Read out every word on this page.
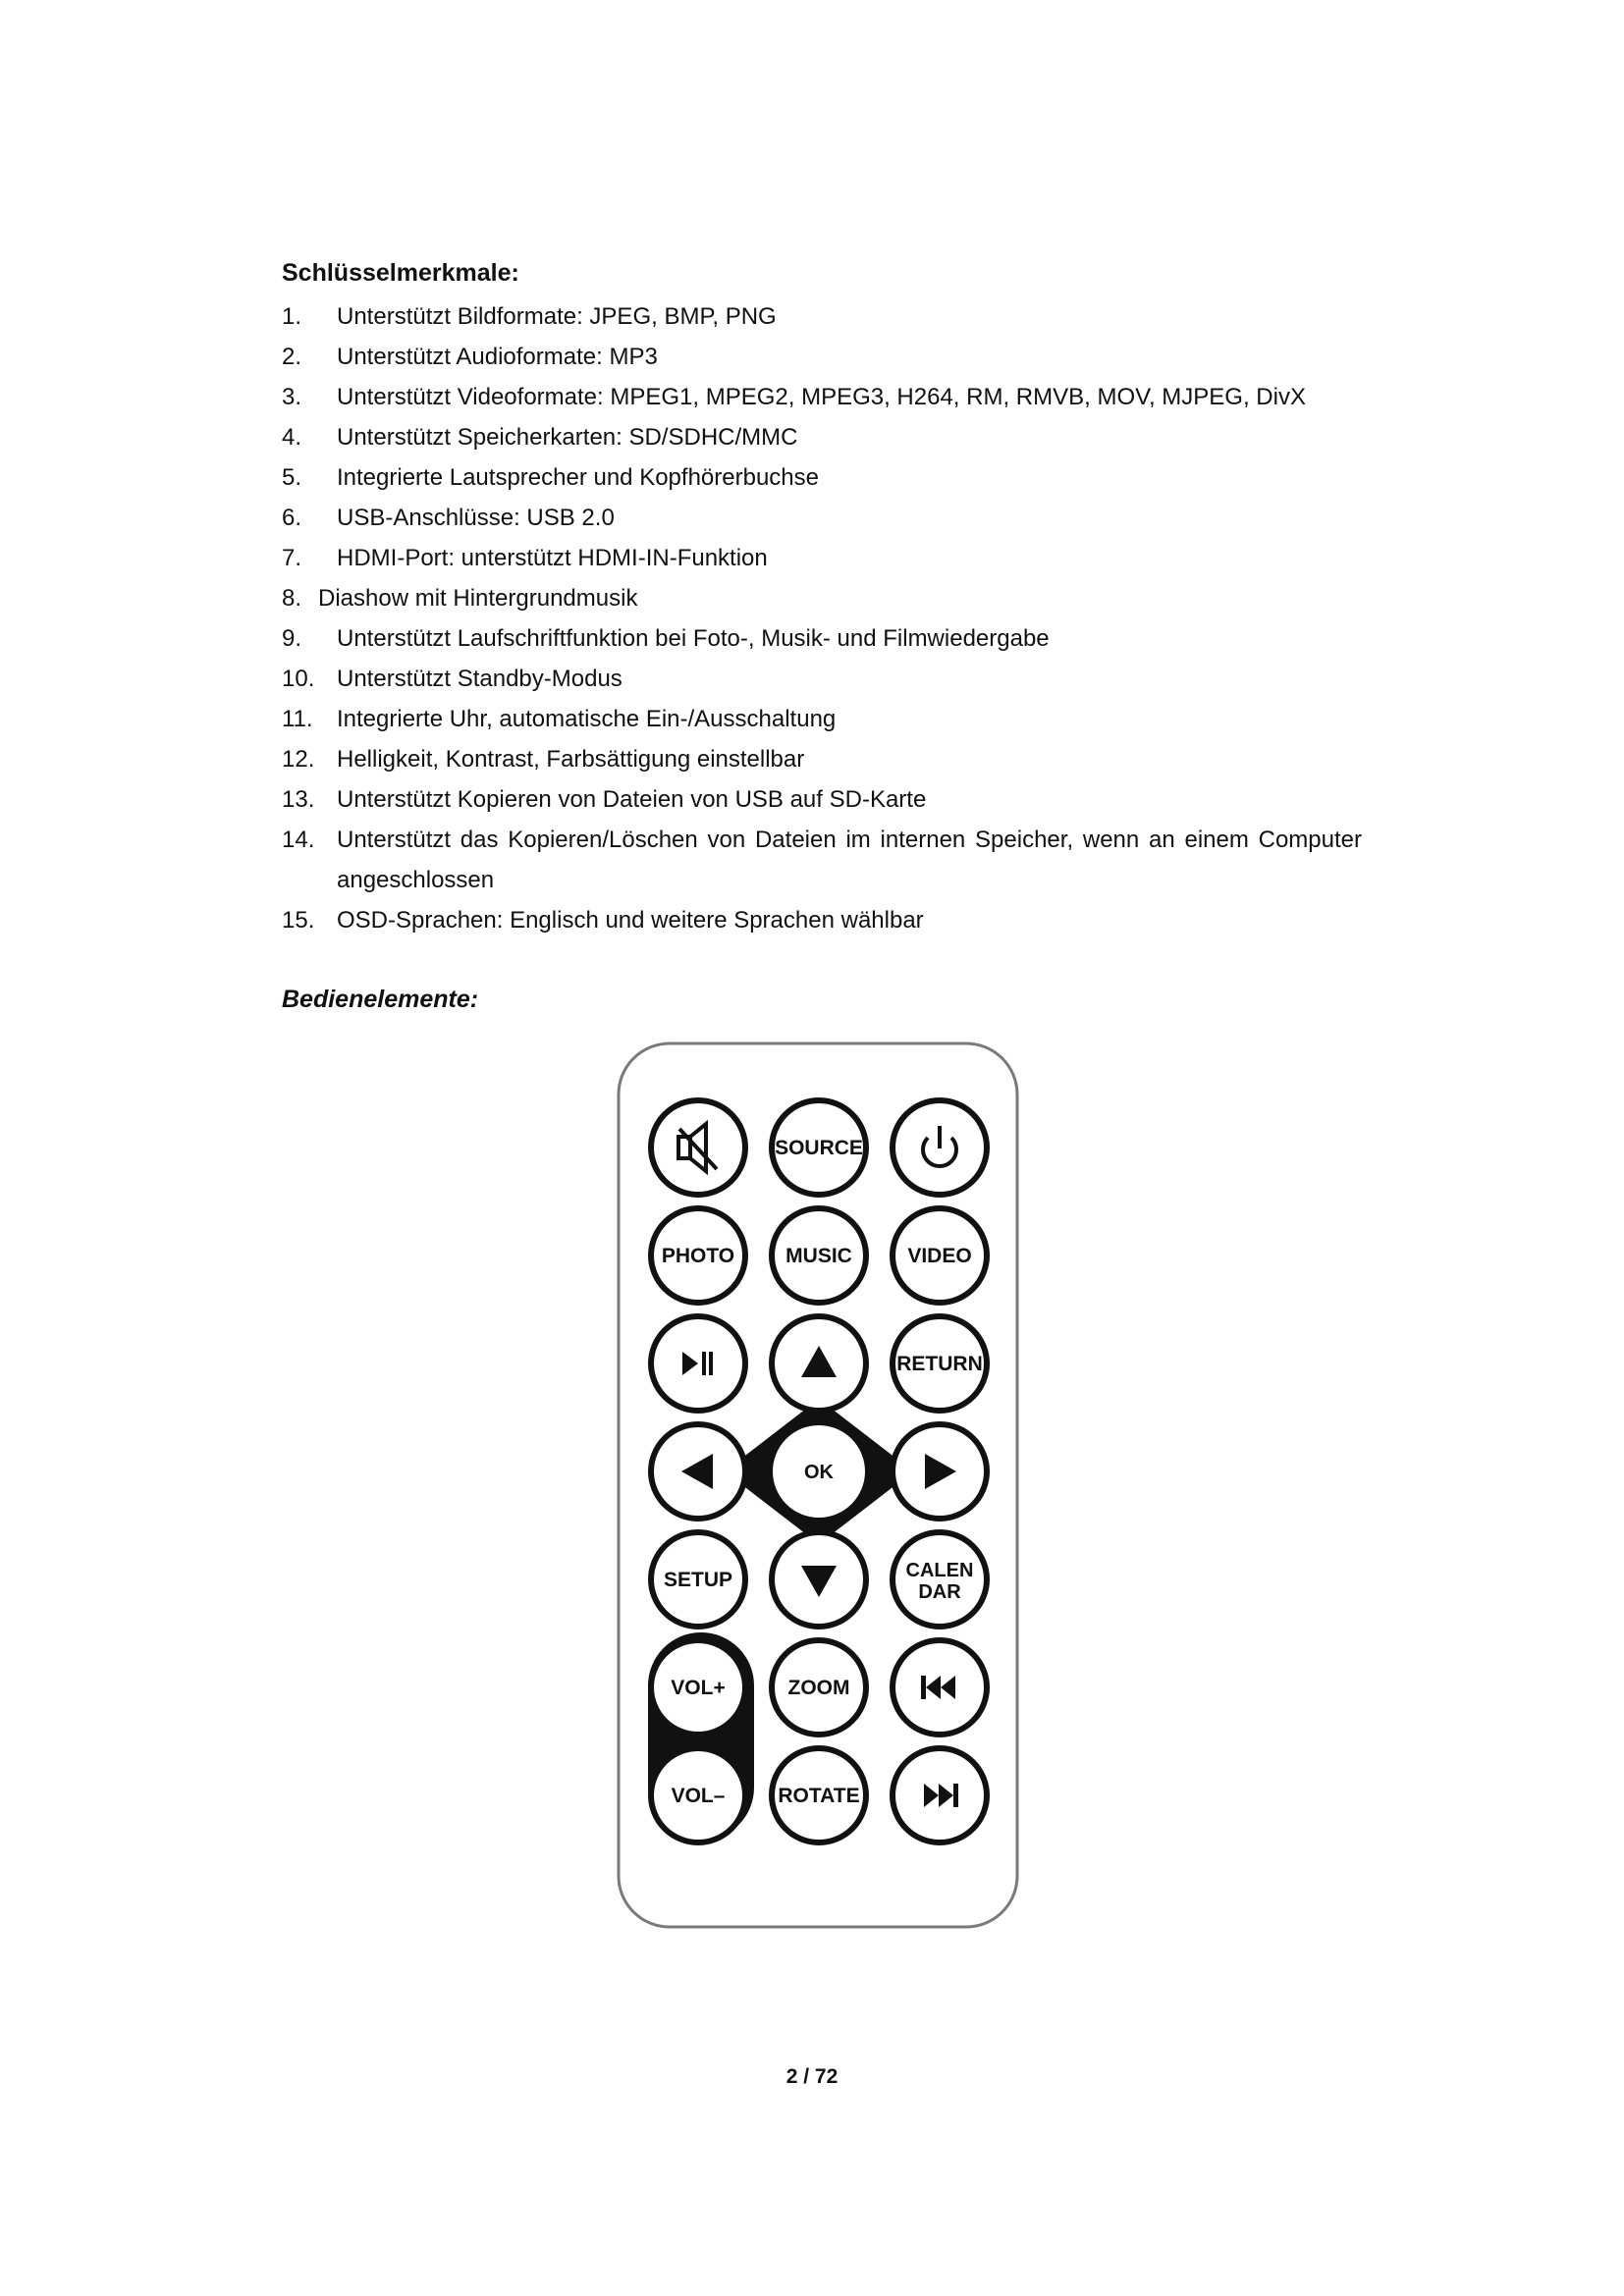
Schlüsselmerkmale:
1.	Unterstützt Bildformate: JPEG, BMP, PNG
2.	Unterstützt Audioformate: MP3
3.	Unterstützt Videoformate: MPEG1, MPEG2, MPEG3, H264, RM, RMVB, MOV, MJPEG, DivX
4.	Unterstützt Speicherkarten: SD/SDHC/MMC
5.	Integrierte Lautsprecher und Kopfhörerbuchse
6.	USB-Anschlüsse: USB 2.0
7.	HDMI-Port: unterstützt HDMI-IN-Funktion
8. Diashow mit Hintergrundmusik
9.	Unterstützt Laufschriftfunktion bei Foto-, Musik- und Filmwiedergabe
10. Unterstützt Standby-Modus
11.	Integrierte Uhr, automatische Ein-/Ausschaltung
12. Helligkeit, Kontrast, Farbsättigung einstellbar
13. Unterstützt Kopieren von Dateien von USB auf SD-Karte
14. Unterstützt das Kopieren/Löschen von Dateien im internen Speicher, wenn an einem Computer angeschlossen
15. OSD-Sprachen: Englisch und weitere Sprachen wählbar
Bedienelemente:
SOURCE
PHOTO MUSIC	VIDEO
RETURN
OK
SETUP	CALEN
DAR
VOL+	ZOOM
VOL–	ROTATE
2 / 72
